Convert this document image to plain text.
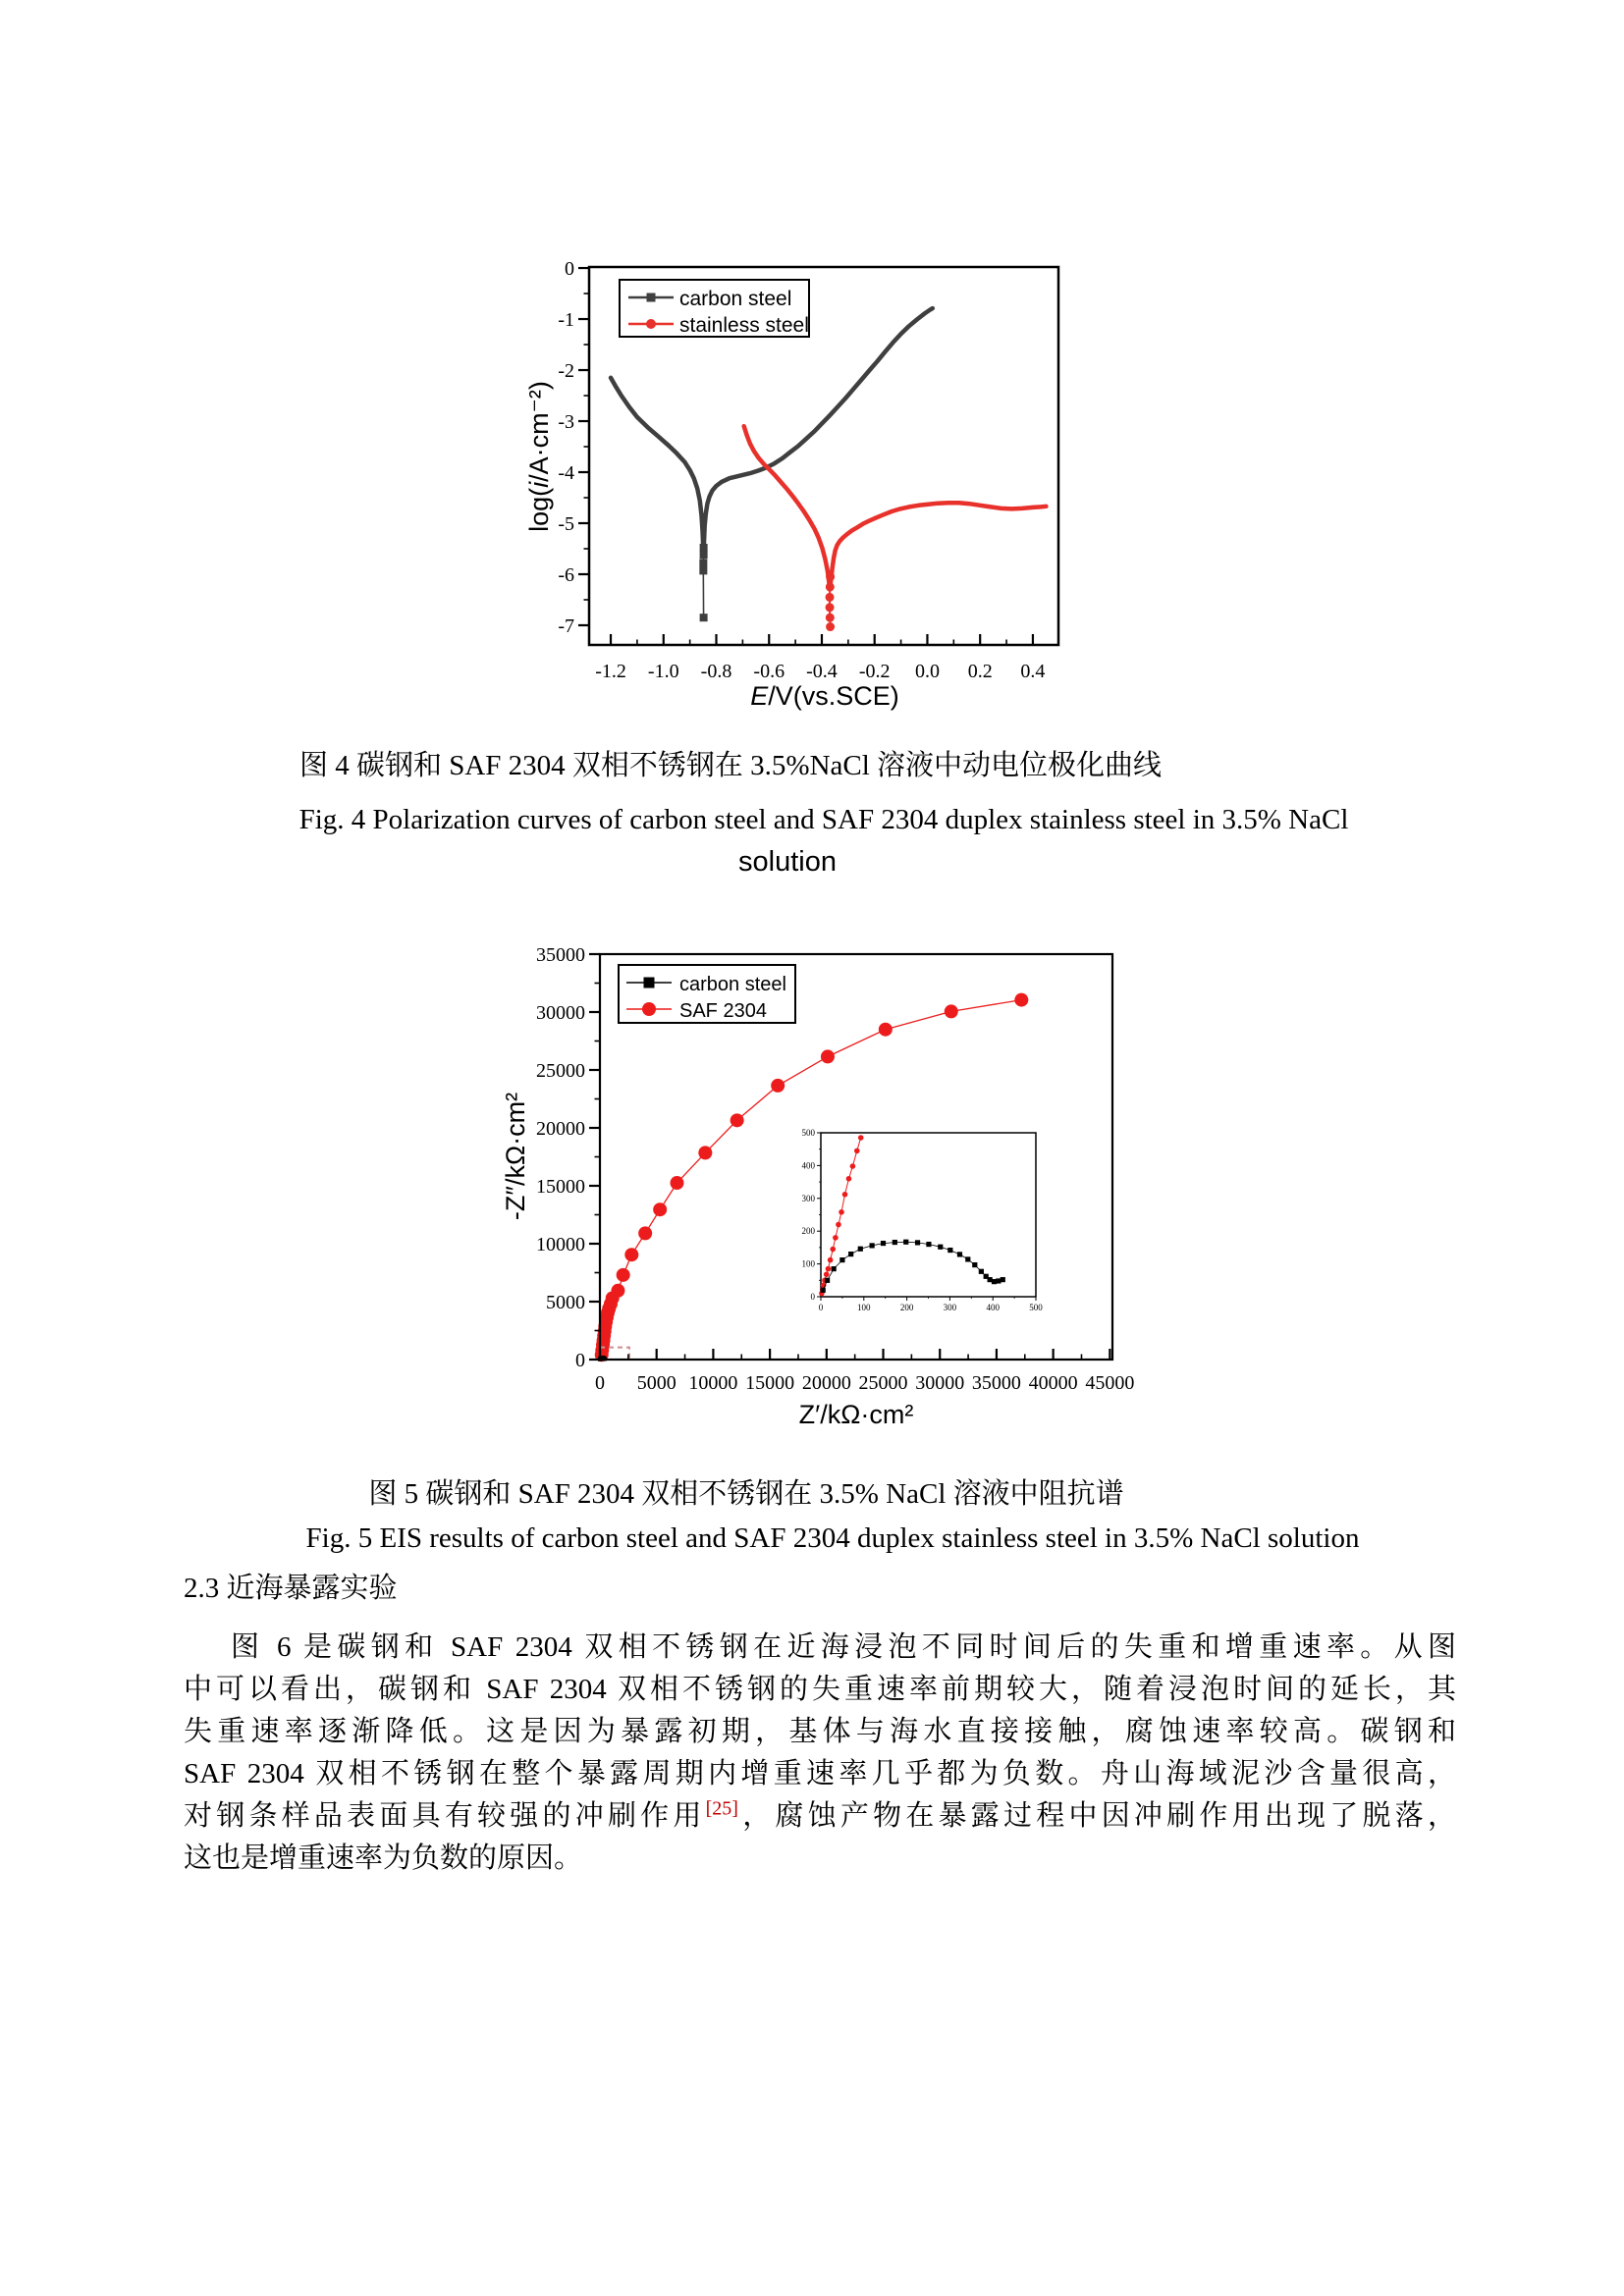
-1.2 -1.0 -0.8 -0.6 -0.4 -0.2 0.0 0.2 0.4
0
-1
-2
-3
-4
-5
-6
-7
E/V(vs.SCE)
log(i/A·cm⁻²)
carbon steel
stainless steel
图 4 碳钢和 SAF 2304 双相不锈钢在 3.5%NaCl 溶液中动电位极化曲线
Fig. 4 Polarization curves of carbon steel and SAF 2304 duplex stainless steel in 3.5% NaCl
solution
0	100	200	300	400	500
0
100
200
300
400
500
0 5000 10000 15000 20000 25000 30000 35000 40000 45000
0
5000
10000
15000
20000
25000
30000
35000
Z′/kΩ·cm²
-Z″/kΩ·cm²
carbon steel
SAF 2304
图 5 碳钢和 SAF 2304 双相不锈钢在 3.5% NaCl 溶液中阻抗谱
Fig. 5 EIS results of carbon steel and SAF 2304 duplex stainless steel in 3.5% NaCl solution
2.3 近海暴露实验
图 6 是碳钢和 SAF 2304 双相不锈钢在近海浸泡不同时间后的失重和增重速率。从图
中可以看出，碳钢和 SAF 2304 双相不锈钢的失重速率前期较大，随着浸泡时间的延长，其
失重速率逐渐降低。这是因为暴露初期，基体与海水直接接触，腐蚀速率较高。碳钢和
SAF 2304 双相不锈钢在整个暴露周期内增重速率几乎都为负数。舟山海域泥沙含量很高，
对钢条样品表面具有较强的冲刷作用[25]，腐蚀产物在暴露过程中因冲刷作用出现了脱落，
这也是增重速率为负数的原因。
